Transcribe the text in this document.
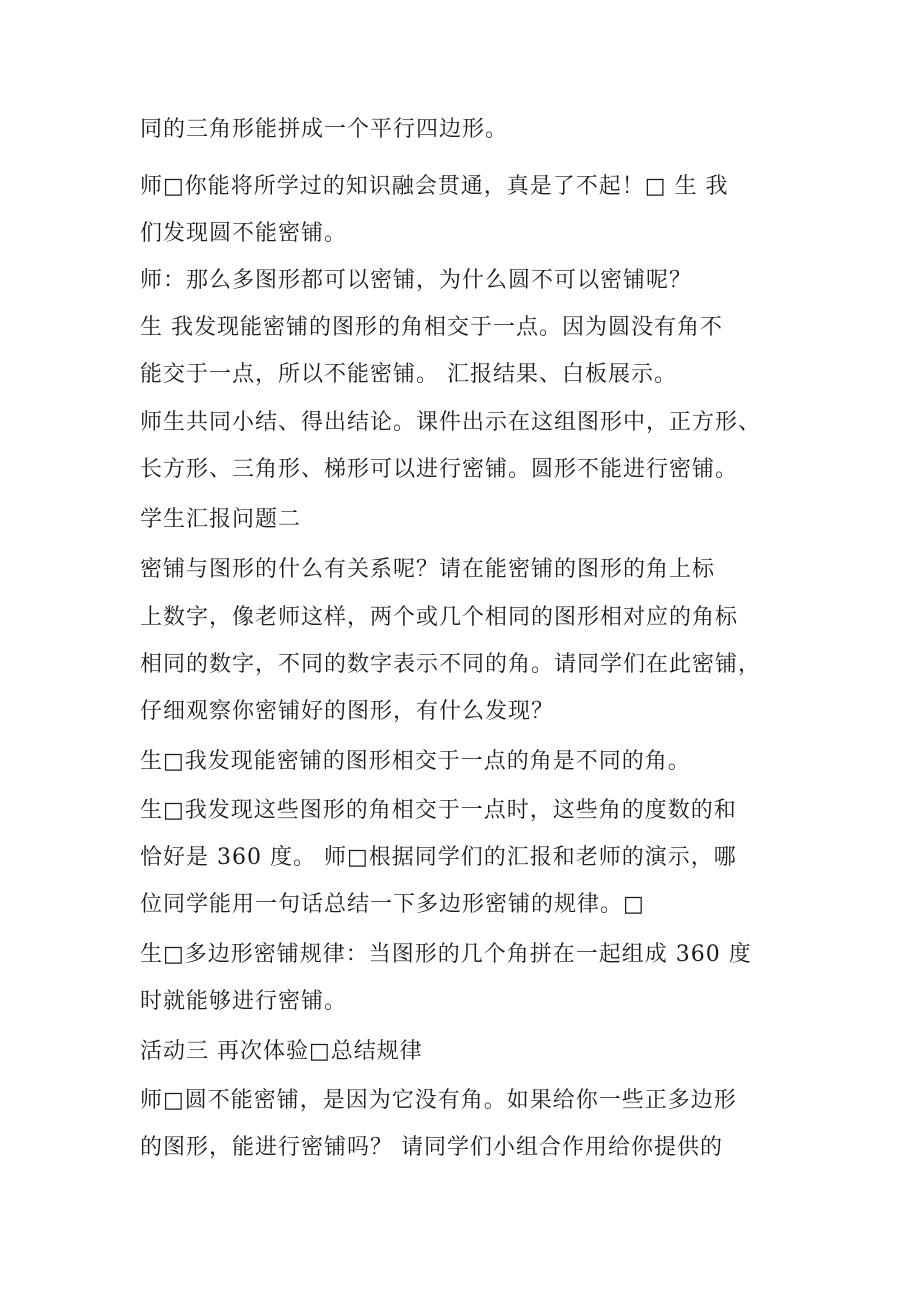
同的三角形能拼成一个平行四边形。
师□你能将所学过的知识融会贯通，真是了不起！□ 生 我
们发现圆不能密铺。
师：那么多图形都可以密铺，为什么圆不可以密铺呢？
生 我发现能密铺的图形的角相交于一点。因为圆没有角不
能交于一点，所以不能密铺。 汇报结果、白板展示。
师生共同小结、得出结论。课件出示在这组图形中，正方形、
长方形、三角形、梯形可以进行密铺。圆形不能进行密铺。
学生汇报问题二
密铺与图形的什么有关系呢？请在能密铺的图形的角上标
上数字，像老师这样，两个或几个相同的图形相对应的角标
相同的数字，不同的数字表示不同的角。请同学们在此密铺，
仔细观察你密铺好的图形，有什么发现？
生□我发现能密铺的图形相交于一点的角是不同的角。
生□我发现这些图形的角相交于一点时，这些角的度数的和
恰好是 360 度。 师□根据同学们的汇报和老师的演示，哪
位同学能用一句话总结一下多边形密铺的规律。□
生□多边形密铺规律：当图形的几个角拼在一起组成 360 度
时就能够进行密铺。
活动三 再次体验□总结规律
师□圆不能密铺，是因为它没有角。如果给你一些正多边形
的图形，能进行密铺吗？ 请同学们小组合作用给你提供的
